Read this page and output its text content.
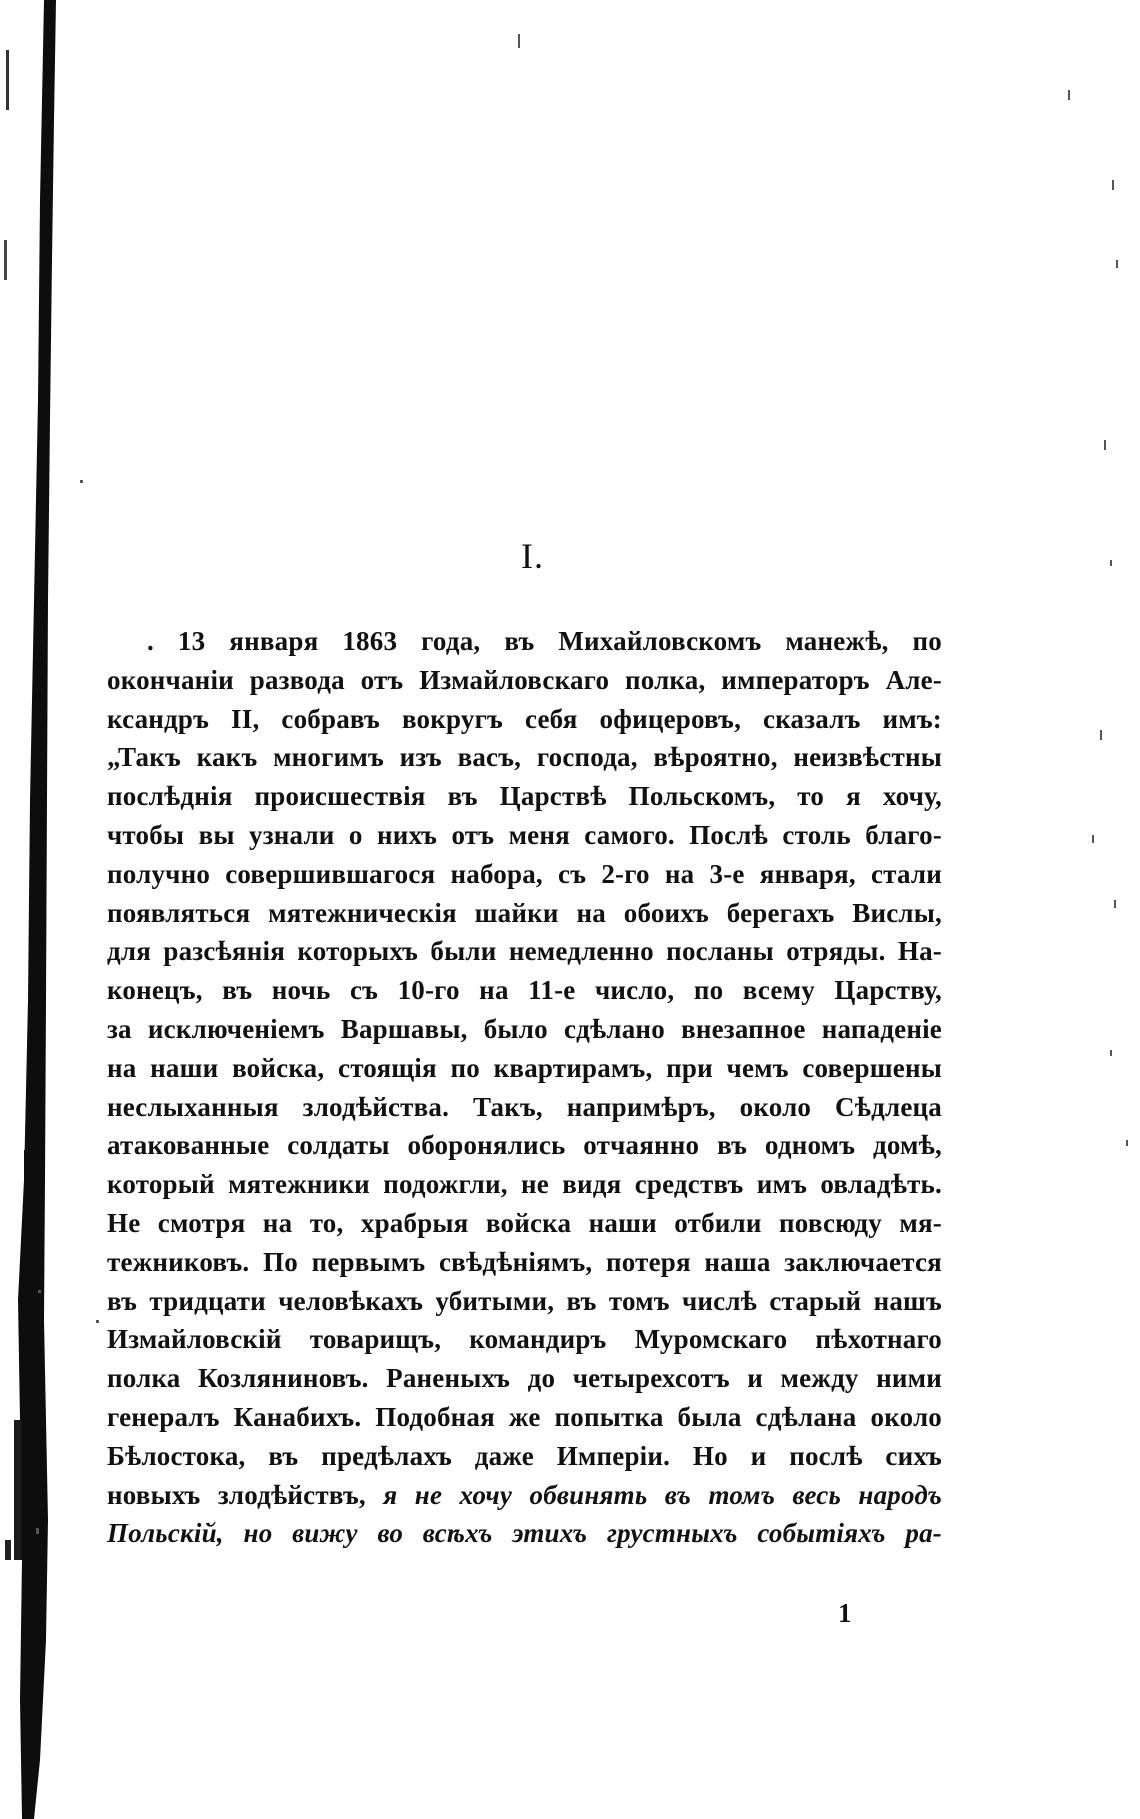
I.
. 13 января 1863 года, въ Михайловскомъ манежѣ, по
окончаніи развода отъ Измайловскаго полка, императоръ Але-
ксандръ II, собравъ вокругъ себя офицеровъ, сказалъ имъ:
„Такъ какъ многимъ изъ васъ, господа, вѣроятно, неизвѣстны
послѣднія происшествія въ Царствѣ Польскомъ, то я хочу,
чтобы вы узнали о нихъ отъ меня самого. Послѣ столь благо-
получно совершившагося набора, съ 2-го на 3-е января, стали
появляться мятежническія шайки на обоихъ берегахъ Вислы,
для разсѣянія которыхъ были немедленно посланы отряды. На-
конецъ, въ ночь съ 10-го на 11-е число, по всему Царству,
за исключеніемъ Варшавы, было сдѣлано внезапное нападеніе
на наши войска, стоящія по квартирамъ, при чемъ совершены
неслыханныя злодѣйства. Такъ, напримѣръ, около Сѣдлеца
атакованные солдаты оборонялись отчаянно въ одномъ домѣ,
который мятежники подожгли, не видя средствъ имъ овладѣть.
Не смотря на то, храбрыя войска наши отбили повсюду мя-
тежниковъ. По первымъ свѣдѣніямъ, потеря наша заключается
въ тридцати человѣкахъ убитыми, въ томъ числѣ старый нашъ
Измайловскій товарищъ, командиръ Муромскаго пѣхотнаго
полка Козляниновъ. Раненыхъ до четырехсотъ и между ними
генералъ Канабихъ. Подобная же попытка была сдѣлана около
Бѣлостока, въ предѣлахъ даже Имперіи. Но и послѣ сихъ
новыхъ злодѣйствъ, я не хочу обвинять въ томъ весь народъ
Польскій, но вижу во всѣхъ этихъ грустныхъ событіяхъ ра-
1
